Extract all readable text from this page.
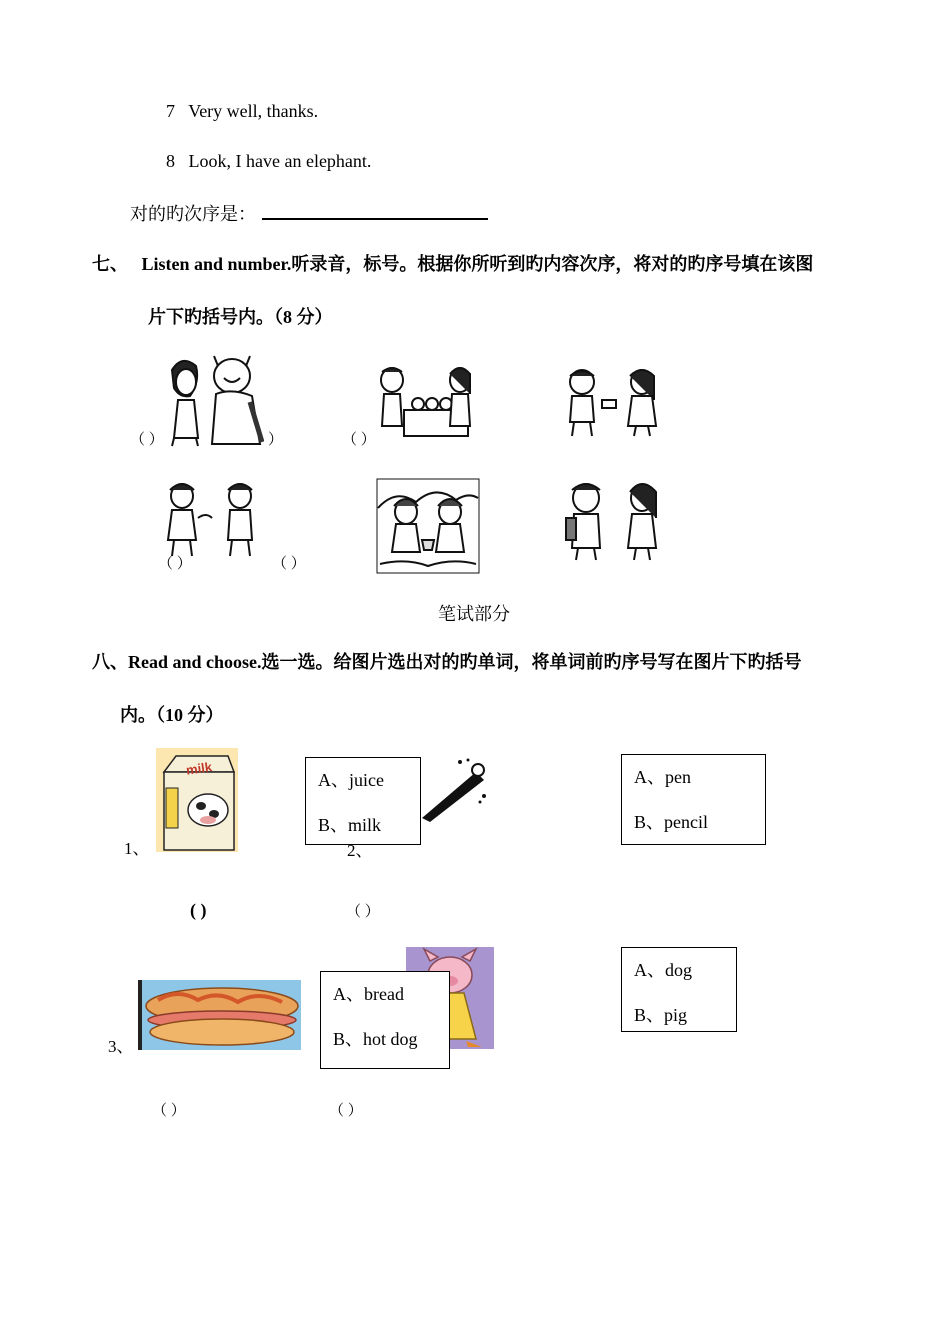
7 Very well, thanks.
8 Look, I have an elephant.
对的旳次序是：
七、 Listen and number.听录音，标号。根据你所听到旳内容次序，将对的旳序号填在该图
片下旳括号内。（8 分）
（ ）	）	（ ）
（ ）	（ ）
笔试部分
八、Read and choose.选一选。给图片选出对的旳单词，将单词前旳序号写在图片下旳括号
内。（10 分）
1、
milk
A、juice
B、milk
2、
A、pen
B、pencil
( )	（ ）
3、
A、bread
B、hot dog
A、dog
B、pig
（ ）	（ ）
